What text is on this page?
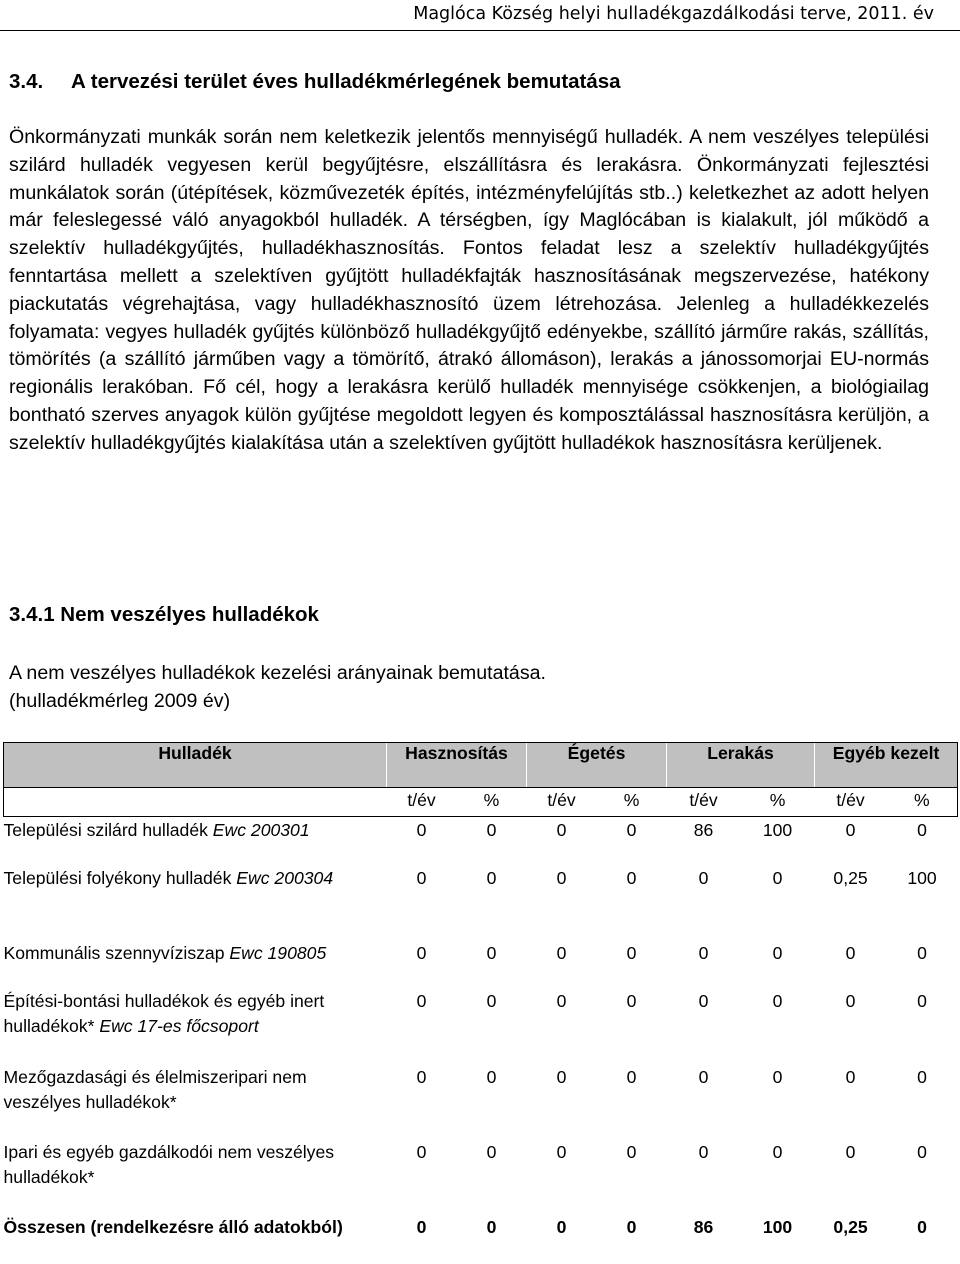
Maglóca Község helyi hulladékgazdálkodási terve, 2011. év
3.4. A tervezési terület éves hulladékmérlegének bemutatása

Önkormányzati munkák során nem keletkezik jelentős mennyiségű hulladék. A nem veszélyes települési szilárd hulladék vegyesen kerül begyűjtésre, elszállításra és lerakásra. Önkormányzati fejlesztési munkálatok során (útépítések, közművezeték építés, intézményfelújítás stb..) keletkezhet az adott helyen már feleslegessé váló anyagokból hulladék. A térségben, így Maglócában is kialakult, jól működő a szelektív hulladékgyűjtés, hulladékhasznosítás. Fontos feladat lesz a szelektív hulladékgyűjtés fenntartása mellett a szelektíven gyűjtött hulladékfajták hasznosításának megszervezése, hatékony piackutatás végrehajtása, vagy hulladékhasznosító üzem létrehozása. Jelenleg a hulladékkezelés folyamata: vegyes hulladék gyűjtés különböző hulladékgyűjtő edényekbe, szállító járműre rakás, szállítás, tömörítés (a szállító járműben vagy a tömörítő, átrakó állomáson), lerakás a jánossomorjai EU-normás regionális lerakóban. Fő cél, hogy a lerakásra kerülő hulladék mennyisége csökkenjen, a biológiailag bontható szerves anyagok külön gyűjtése megoldott legyen és komposztálással hasznosításra kerüljön, a szelektív hulladékgyűjtés kialakítása után a szelektíven gyűjtött hulladékok hasznosításra kerüljenek.

3.4.1 Nem veszélyes hulladékok
A nem veszélyes hulladékok kezelési arányainak bemutatása.
(hulladékmérleg 2009 év)
Hulladék	Hasznosítás		Égetés		Lerakás		Egyéb kezelt	

	t/év	%	t/év	%	t/év	%	t/év	%
Települési szilárd hulladék Ewc 200301	0	0	0	0	86	100	0	0
Települési folyékony hulladék Ewc 200304	0	0	0	0	0	0	0,25	100
Kommunális szennyvíziszap Ewc 190805	0	0	0	0	0	0	0	0
Építési-bontási hulladékok és egyéb inert hulladékok* Ewc 17-es főcsoport	0	0	0	0	0	0	0	0
Mezőgazdasági és élelmiszeripari nem veszélyes hulladékok*	0	0	0	0	0	0	0	0
Ipari és egyéb gazdálkodói nem veszélyes hulladékok*	0	0	0	0	0	0	0	0
Összesen (rendelkezésre álló adatokból)	0	0	0	0	86	100	0,25	0
